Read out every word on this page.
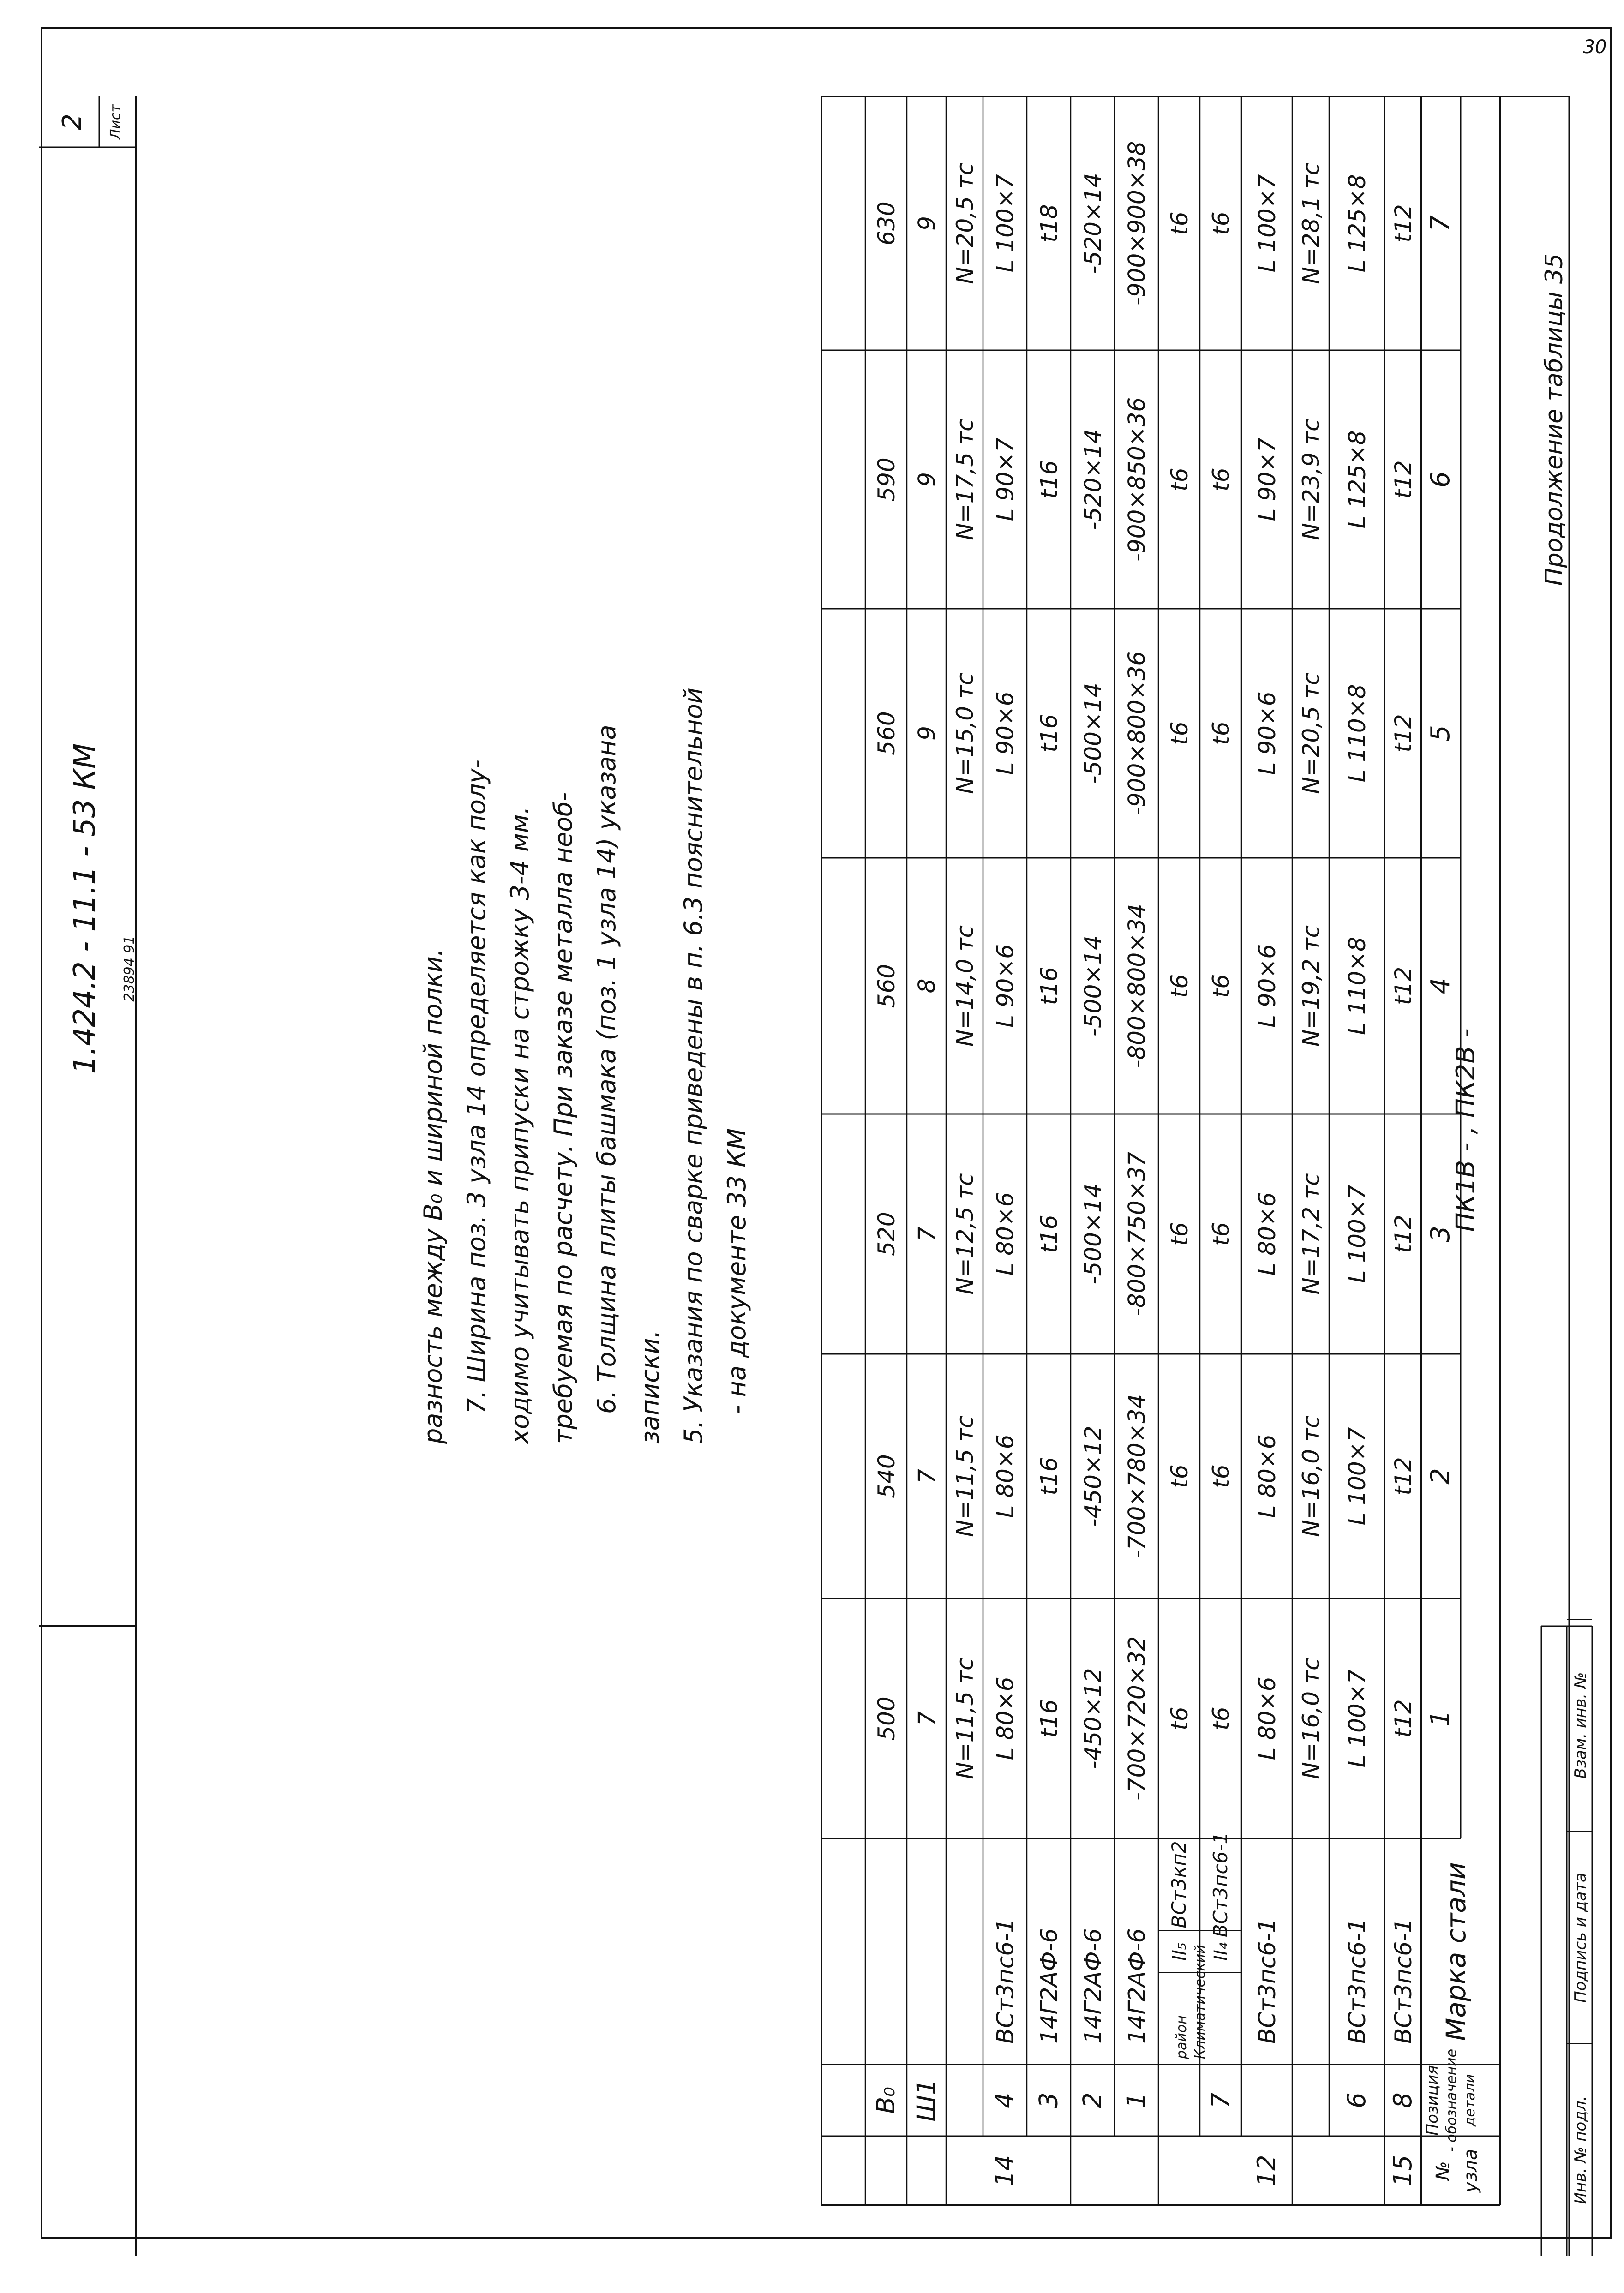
№ узла
Позиция - обозначение детали
Марка стали
1
2
3
4
5
6
7
15
8
ВСт3пс6-1
t12
t12
t12
t12
t12
t12
t12
6
ВСт3пс6-1
L 100×7
L 100×7
L 100×7
L 110×8
L 110×8
L 125×8
L 125×8
N=16,0 тс
N=16,0 тс
N=17,2 тс
N=19,2 тс
N=20,5 тс
N=23,9 тс
N=28,1 тс
12
ВСт3пс6-1
L 80×6
L 80×6
L 80×6
L 90×6
L 90×6
L 90×7
L 100×7
7
t6
t6
t6
t6
t6
t6
t6
t6
t6
t6
t6
t6
t6
t6
1
14Г2АФ-6
-700×720×32
-700×780×34
-800×750×37
-800×800×34
-900×800×36
-900×850×36
-900×900×38
2
14Г2АФ-6
-450×12
-450×12
-500×14
-500×14
-500×14
-520×14
-520×14
3
14Г2АФ-6
t16
t16
t16
t16
t16
t16
t18
14
4
ВСт3пс6-1
L 80×6
L 80×6
L 80×6
L 90×6
L 90×6
L 90×7
L 100×7
N=11,5 тс
N=11,5 тс
N=12,5 тс
N=14,0 тс
N=15,0 тс
N=17,5 тс
N=20,5 тс
Ш1
7
7
7
8
9
9
9
B₀
500
540
520
560
560
590
630
Климатический
район
II₄
ВСт3пс6-1
II₅
ВСт3кп2
Продолжение таблицы 35
ПК1В - , ПК2В -
- на документе 33 КМ
5. Указания по сварке приведены в п. 6.3 пояснительной
записки.
6. Толщина плиты башмака (поз. 1 узла 14) указана
требуемая по расчету. При заказе металла необ-
ходимо учитывать припуски на строжку 3-4 мм.
7. Ширина поз. 3 узла 14 определяется как полу-
разность между B₀ и шириной полки.
1.424.2 - 11.1 - 53 КМ 23894 91
Лист
2
Инв. № подл.
Подпись и дата
Взам. инв. №
30
